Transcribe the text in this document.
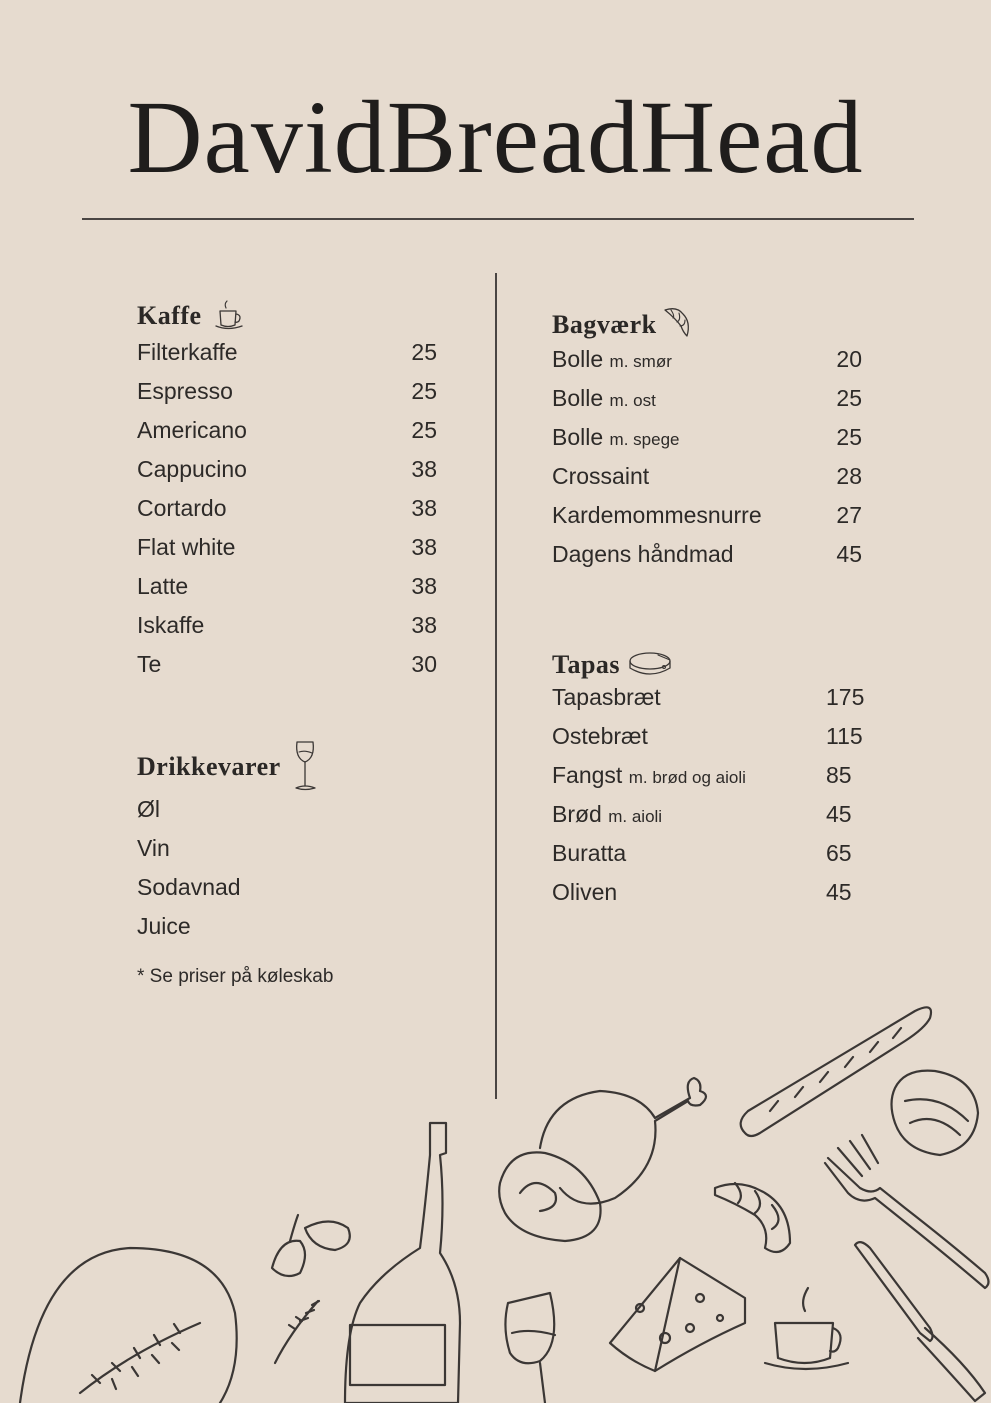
DavidBreadHead
Kaffe
Filterkaffe	25
Espresso	25
Americano	25
Cappucino	38
Cortardo	38
Flat white	38
Latte	38
Iskaffe	38
Te	30
Drikkevarer
Øl
Vin
Sodavnad
Juice
* Se priser på køleskab
Bagværk
Bolle m. smør	20
Bolle m. ost	25
Bolle m. spege	25
Crossaint	28
Kardemommesnurre	27
Dagens håndmad	45
Tapas
Tapasbræt	175
Ostebræt	115
Fangst m. brød og aioli	85
Brød m. aioli	45
Buratta	65
Oliven	45
